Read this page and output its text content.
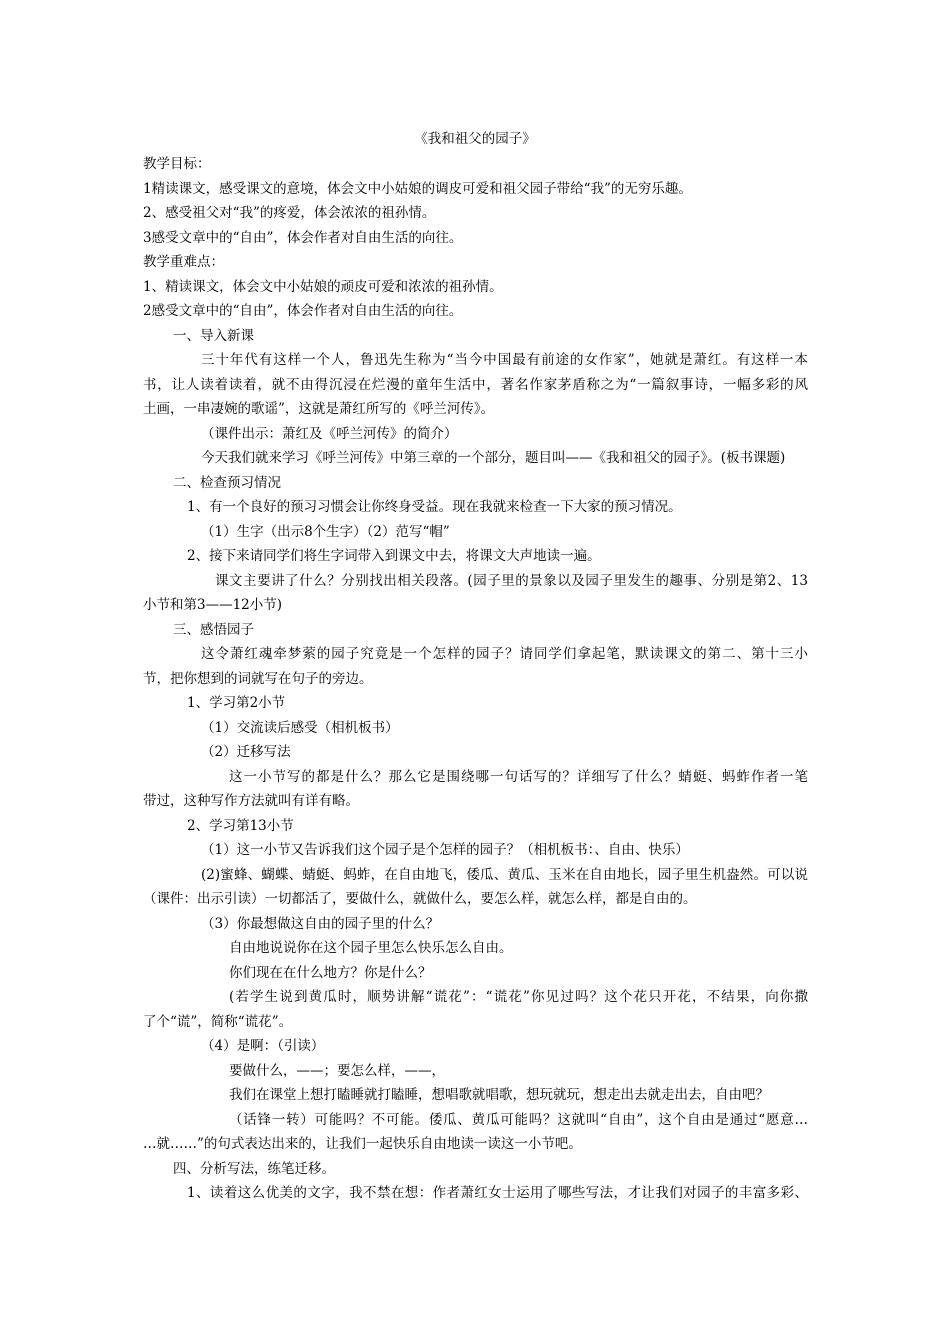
《我和祖父的园子》
教学目标：
1精读课文，感受课文的意境，体会文中小姑娘的调皮可爱和祖父园子带给“我”的无穷乐趣。
2、感受祖父对“我”的疼爱，体会浓浓的祖孙情。
3感受文章中的“自由”，体会作者对自由生活的向往。
教学重难点：
1、精读课文，体会文中小姑娘的顽皮可爱和浓浓的祖孙情。
2感受文章中的“自由”，体会作者对自由生活的向往。
一、导入新课
三十年代有这样一个人，鲁迅先生称为“当今中国最有前途的女作家”，她就是萧红。有这样一本
书，让人读着读着，就不由得沉浸在烂漫的童年生活中，著名作家茅盾称之为“一篇叙事诗，一幅多彩的风
土画，一串凄婉的歌谣”，这就是萧红所写的《呼兰河传》。
（课件出示：萧红及《呼兰河传》的简介）
今天我们就来学习《呼兰河传》中第三章的一个部分，题目叫——《我和祖父的园子》。(板书课题)
二、检查预习情况
1、有一个良好的预习习惯会让你终身受益。现在我就来检查一下大家的预习情况。
（1）生字（出示8个生字）（2）范写“帽”
2、接下来请同学们将生字词带入到课文中去，将课文大声地读一遍。
课文主要讲了什么？分别找出相关段落。(园子里的景象以及园子里发生的趣事、分别是第2、13
小节和第3——12小节)
三、感悟园子
这令萧红魂牵梦萦的园子究竟是一个怎样的园子？请同学们拿起笔，默读课文的第二、第十三小
节，把你想到的词就写在句子的旁边。
1、学习第2小节
（1）交流读后感受（相机板书）
（2）迁移写法
这一小节写的都是什么？那么它是围绕哪一句话写的？详细写了什么？蜻蜓、蚂蚱作者一笔
带过，这种写作方法就叫有详有略。
2、学习第13小节
（1）这一小节又告诉我们这个园子是个怎样的园子？（相机板书：、自由、快乐）
(2)蜜蜂、蝴蝶、蜻蜓、蚂蚱，在自由地飞，倭瓜、黄瓜、玉米在自由地长，园子里生机盎然。可以说
（课件：出示引读）一切都活了，要做什么，就做什么，要怎么样，就怎么样，都是自由的。
（3）你最想做这自由的园子里的什么？
自由地说说你在这个园子里怎么快乐怎么自由。
你们现在在什么地方？你是什么？
(若学生说到黄瓜时，顺势讲解“谎花”：“谎花”你见过吗？这个花只开花，不结果，向你撒
了个“谎”，简称“谎花”。
（4）是啊：（引读）
要做什么，——；要怎么样，——，
我们在课堂上想打瞌睡就打瞌睡，想唱歌就唱歌，想玩就玩，想走出去就走出去，自由吧？
（话锋一转）可能吗？不可能。倭瓜、黄瓜可能吗？这就叫“自由”，这个自由是通过“愿意…
…就……”的句式表达出来的，让我们一起快乐自由地读一读这一小节吧。
四、分析写法，练笔迁移。
1、读着这么优美的文字，我不禁在想：作者萧红女士运用了哪些写法，才让我们对园子的丰富多彩、
